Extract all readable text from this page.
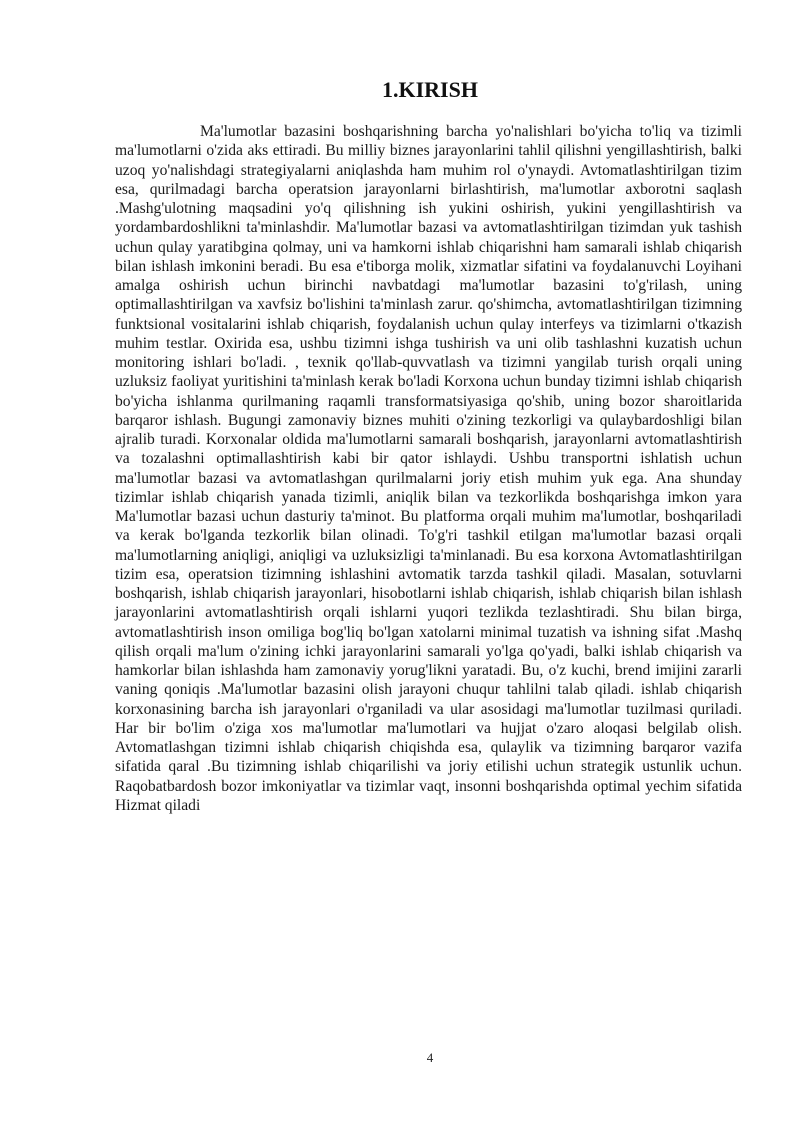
1.KIRISH

Ma'lumotlar bazasini boshqarishning barcha yo'nalishlari bo'yicha to'liq va tizimli ma'lumotlarni o'zida aks ettiradi. Bu milliy biznes jarayonlarini tahlil qilishni yengillashtirish, balki uzoq yo'nalishdagi strategiyalarni aniqlashda ham muhim rol o'ynaydi. Avtomatlashtirilgan tizim esa, qurilmadagi barcha operatsion jarayonlarni birlashtirish, ma'lumotlar axborotni saqlash .Mashg'ulotning maqsadini yo'q qilishning ish yukini oshirish, yukini yengillashtirish va yordambardoshlikni ta'minlashdir. Ma'lumotlar bazasi va avtomatlashtirilgan tizimdan yuk tashish uchun qulay yaratibgina qolmay, uni va hamkorni ishlab chiqarishni ham samarali ishlab chiqarish bilan ishlash imkonini beradi. Bu esa e'tiborga molik, xizmatlar sifatini va foydalanuvchi Loyihani amalga oshirish uchun birinchi navbatdagi ma'lumotlar bazasini to'g'rilash, uning optimallashtirilgan va xavfsiz bo'lishini ta'minlash zarur. qo'shimcha, avtomatlashtirilgan tizimning funktsional vositalarini ishlab chiqarish, foydalanish uchun qulay interfeys va tizimlarni o'tkazish muhim testlar. Oxirida esa, ushbu tizimni ishga tushirish va uni olib tashlashni kuzatish uchun monitoring ishlari bo'ladi. , texnik qo'llab-quvvatlash va tizimni yangilab turish orqali uning uzluksiz faoliyat yuritishini ta'minlash kerak bo'ladi Korxona uchun bunday tizimni ishlab chiqarish bo'yicha ishlanma qurilmaning raqamli transformatsiyasiga qo'shib, uning bozor sharoitlarida barqaror ishlash. Bugungi zamonaviy biznes muhiti o'zining tezkorligi va qulaybardoshligi bilan ajralib turadi. Korxonalar oldida ma'lumotlarni samarali boshqarish, jarayonlarni avtomatlashtirish va tozalashni optimallashtirish kabi bir qator ishlaydi. Ushbu transportni ishlatish uchun ma'lumotlar bazasi va avtomatlashgan qurilmalarni joriy etish muhim yuk ega. Ana shunday tizimlar ishlab chiqarish yanada tizimli, aniqlik bilan va tezkorlikda boshqarishga imkon yara Ma'lumotlar bazasi uchun dasturiy ta'minot. Bu platforma orqali muhim ma'lumotlar, boshqariladi va kerak bo'lganda tezkorlik bilan olinadi. To'g'ri tashkil etilgan ma'lumotlar bazasi orqali ma'lumotlarning aniqligi, aniqligi va uzluksizligi ta'minlanadi. Bu esa korxona Avtomatlashtirilgan tizim esa, operatsion tizimning ishlashini avtomatik tarzda tashkil qiladi. Masalan, sotuvlarni boshqarish, ishlab chiqarish jarayonlari, hisobotlarni ishlab chiqarish, ishlab chiqarish bilan ishlash jarayonlarini avtomatlashtirish orqali ishlarni yuqori tezlikda tezlashtiradi. Shu bilan birga, avtomatlashtirish inson omiliga bog'liq bo'lgan xatolarni minimal tuzatish va ishning sifat .Mashq qilish orqali ma'lum o'zining ichki jarayonlarini samarali yo'lga qo'yadi, balki ishlab chiqarish va hamkorlar bilan ishlashda ham zamonaviy yorug'likni yaratadi. Bu, o'z kuchi, brend imijini zararli vaning qoniqis .Ma'lumotlar bazasini olish jarayoni chuqur tahlilni talab qiladi. ishlab chiqarish korxonasining barcha ish jarayonlari o'rganiladi va ular asosidagi ma'lumotlar tuzilmasi quriladi. Har bir bo'lim o'ziga xos ma'lumotlar ma'lumotlari va hujjat o'zaro aloqasi belgilab olish. Avtomatlashgan tizimni ishlab chiqarish chiqishda esa, qulaylik va tizimning barqaror vazifa sifatida qaral .Bu tizimning ishlab chiqarilishi va joriy etilishi uchun strategik ustunlik uchun. Raqobatbardosh bozor imkoniyatlar va tizimlar vaqt, insonni boshqarishda optimal yechim sifatida Hizmat qiladi

4
